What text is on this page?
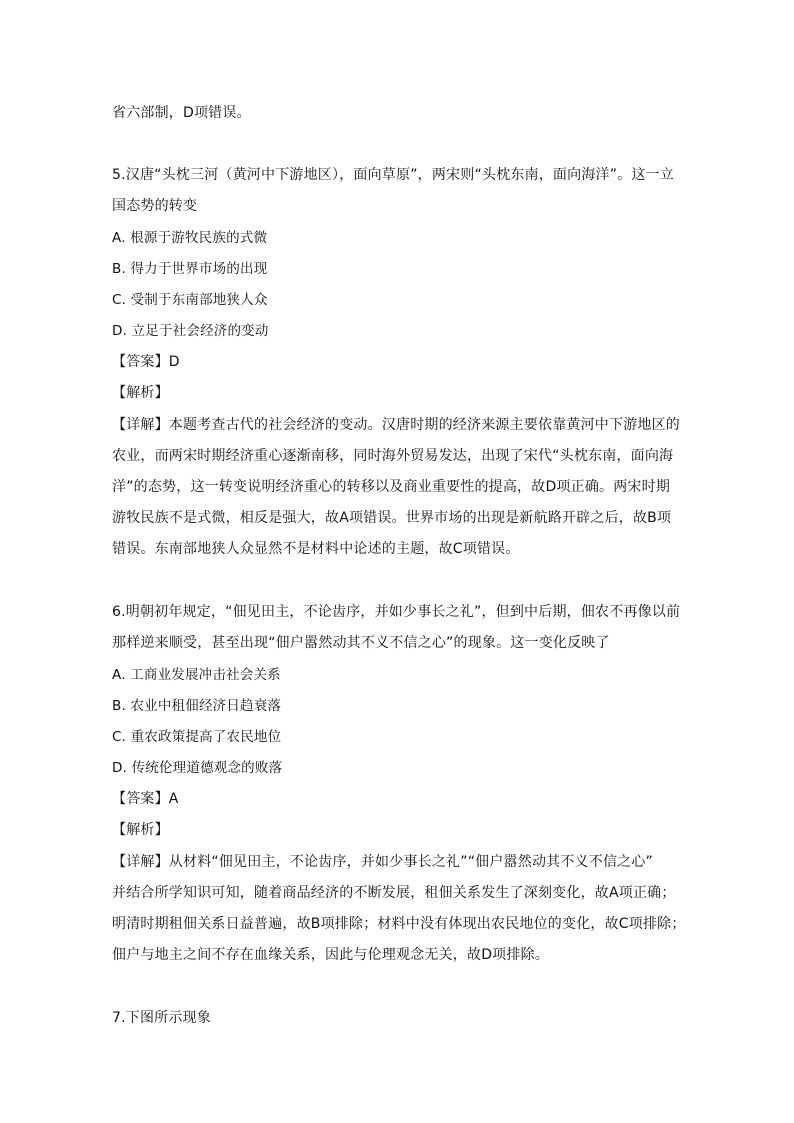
省六部制，D项错误。
5.汉唐“头枕三河（黄河中下游地区），面向草原”，两宋则“头枕东南，面向海洋”。这一立
国态势的转变
A. 根源于游牧民族的式微
B. 得力于世界市场的出现
C. 受制于东南部地狭人众
D. 立足于社会经济的变动
【答案】D
【解析】
【详解】本题考查古代的社会经济的变动。汉唐时期的经济来源主要依靠黄河中下游地区的
农业，而两宋时期经济重心逐渐南移，同时海外贸易发达，出现了宋代“头枕东南，面向海
洋”的态势，这一转变说明经济重心的转移以及商业重要性的提高，故D项正确。两宋时期
游牧民族不是式微，相反是强大，故A项错误。世界市场的出现是新航路开辟之后，故B项
错误。东南部地狭人众显然不是材料中论述的主题，故C项错误。
6.明朝初年规定，“佃见田主，不论齿序，并如少事长之礼”，但到中后期，佃农不再像以前
那样逆来顺受，甚至出现“佃户嚣然动其不义不信之心”的现象。这一变化反映了
A. 工商业发展冲击社会关系
B. 农业中租佃经济日趋衰落
C. 重农政策提高了农民地位
D. 传统伦理道德观念的败落
【答案】A
【解析】
【详解】从材料“佃见田主，不论齿序，并如少事长之礼”“佃户嚣然动其不义不信之心”
并结合所学知识可知，随着商品经济的不断发展，租佃关系发生了深刻变化，故A项正确；
明清时期租佃关系日益普遍，故B项排除；材料中没有体现出农民地位的变化，故C项排除；
佃户与地主之间不存在血缘关系，因此与伦理观念无关，故D项排除。
7.下图所示现象
